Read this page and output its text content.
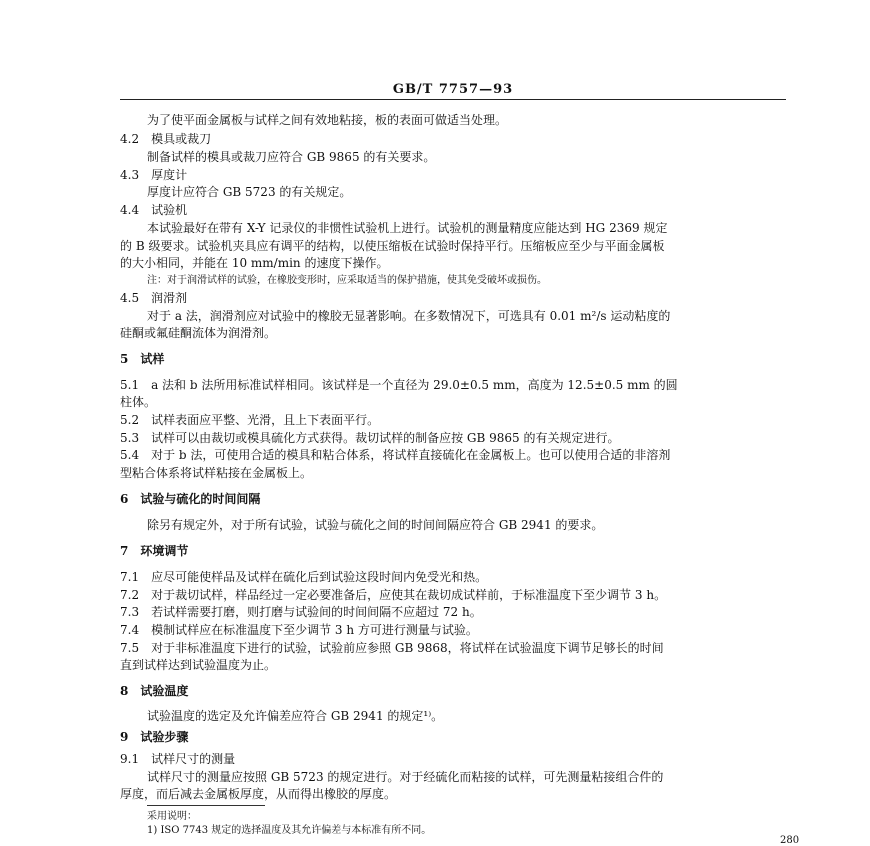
GB/T 7757—93
为了使平面金属板与试样之间有效地粘接，板的表面可做适当处理。
4.2　模具或裁刀
制备试样的模具或裁刀应符合 GB 9865 的有关要求。
4.3　厚度计
厚度计应符合 GB 5723 的有关规定。
4.4　试验机
本试验最好在带有 X-Y 记录仪的非惯性试验机上进行。试验机的测量精度应能达到 HG 2369 规定
的 B 级要求。试验机夹具应有调平的结构，以使压缩板在试验时保持平行。压缩板应至少与平面金属板
的大小相同，并能在 10 mm/min 的速度下操作。
注：对于润滑试样的试验，在橡胶变形时，应采取适当的保护措施，使其免受破坏或损伤。
4.5　润滑剂
对于 a 法，润滑剂应对试验中的橡胶无显著影响。在多数情况下，可选具有 0.01 m²/s 运动粘度的
硅酮或氟硅酮流体为润滑剂。
5　试样
5.1　a 法和 b 法所用标准试样相同。该试样是一个直径为 29.0±0.5 mm，高度为 12.5±0.5 mm 的圆
柱体。
5.2　试样表面应平整、光滑，且上下表面平行。
5.3　试样可以由裁切或模具硫化方式获得。裁切试样的制备应按 GB 9865 的有关规定进行。
5.4　对于 b 法，可使用合适的模具和粘合体系，将试样直接硫化在金属板上。也可以使用合适的非溶剂
型粘合体系将试样粘接在金属板上。
6　试验与硫化的时间间隔
除另有规定外，对于所有试验，试验与硫化之间的时间间隔应符合 GB 2941 的要求。
7　环境调节
7.1　应尽可能使样品及试样在硫化后到试验这段时间内免受光和热。
7.2　对于裁切试样，样品经过一定必要准备后，应使其在裁切成试样前，于标准温度下至少调节 3 h。
7.3　若试样需要打磨，则打磨与试验间的时间间隔不应超过 72 h。
7.4　模制试样应在标准温度下至少调节 3 h 方可进行测量与试验。
7.5　对于非标准温度下进行的试验，试验前应参照 GB 9868，将试样在试验温度下调节足够长的时间
直到试样达到试验温度为止。
8　试验温度
试验温度的选定及允许偏差应符合 GB 2941 的规定¹⁾。
9　试验步骤
9.1　试样尺寸的测量
试样尺寸的测量应按照 GB 5723 的规定进行。对于经硫化而粘接的试样，可先测量粘接组合件的
厚度，而后减去金属板厚度，从而得出橡胶的厚度。
采用说明：
1) ISO 7743 规定的选择温度及其允许偏差与本标准有所不同。
280
